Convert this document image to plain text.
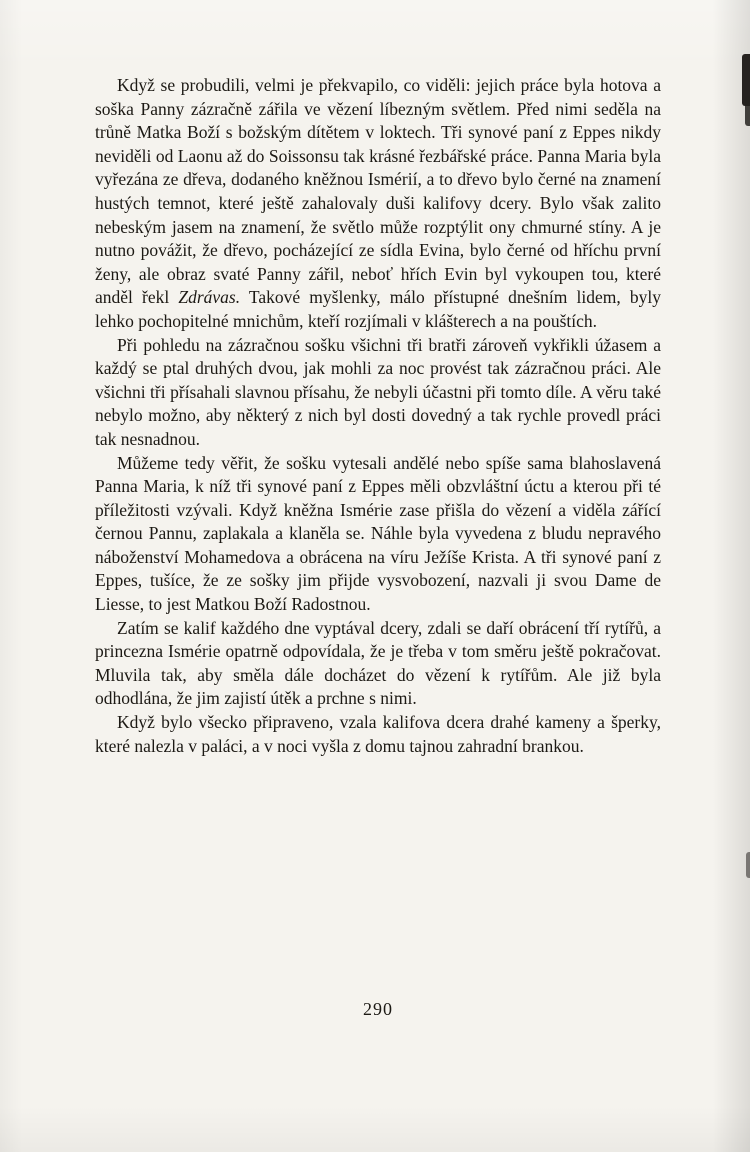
Když se probudili, velmi je překvapilo, co viděli: jejich práce byla hotova a soška Panny zázračně zářila ve vězení líbezným světlem. Před nimi seděla na trůně Matka Boží s božským dítětem v loktech. Tři synové paní z Eppes nikdy neviděli od Laonu až do Soissonsu tak krásné řezbářské práce. Panna Maria byla vyřezána ze dřeva, dodaného kněžnou Ismérií, a to dřevo bylo černé na znamení hustých temnot, které ještě zahalovaly duši kalifovy dcery. Bylo však zalito nebeským jasem na znamení, že světlo může rozptýlit ony chmurné stíny. A je nutno povážit, že dřevo, pocházející ze sídla Evina, bylo černé od hříchu první ženy, ale obraz svaté Panny zářil, neboť hřích Evin byl vykoupen tou, které anděl řekl Zdrávas. Takové myšlenky, málo přístupné dnešním lidem, byly lehko pochopitelné mnichům, kteří rozjímali v klášterech a na pouštích.

Při pohledu na zázračnou sošku všichni tři bratři zároveň vykřikli úžasem a každý se ptal druhých dvou, jak mohli za noc provést tak zázračnou práci. Ale všichni tři přísahali slavnou přísahu, že nebyli účastni při tomto díle. A věru také nebylo možno, aby některý z nich byl dosti dovedný a tak rychle provedl práci tak nesnadnou.

Můžeme tedy věřit, že sošku vytesali andělé nebo spíše sama blahoslavená Panna Maria, k níž tři synové paní z Eppes měli obzvláštní úctu a kterou při té příležitosti vzývali. Když kněžna Ismérie zase přišla do vězení a viděla zářící černou Pannu, zaplakala a klaněla se. Náhle byla vyvedena z bludu nepravého náboženství Mohamedova a obrácena na víru Ježíše Krista. A tři synové paní z Eppes, tušíce, že ze sošky jim přijde vysvobození, nazvali ji svou Dame de Liesse, to jest Matkou Boží Radostnou.

Zatím se kalif každého dne vyptával dcery, zdali se daří obrácení tří rytířů, a princezna Ismérie opatrně odpovídala, že je třeba v tom směru ještě pokračovat. Mluvila tak, aby směla dále docházet do vězení k rytířům. Ale již byla odhodlána, že jim zajistí útěk a prchne s nimi.

Když bylo všecko připraveno, vzala kalifova dcera drahé kameny a šperky, které nalezla v paláci, a v noci vyšla z domu tajnou zahradní brankou.

290
